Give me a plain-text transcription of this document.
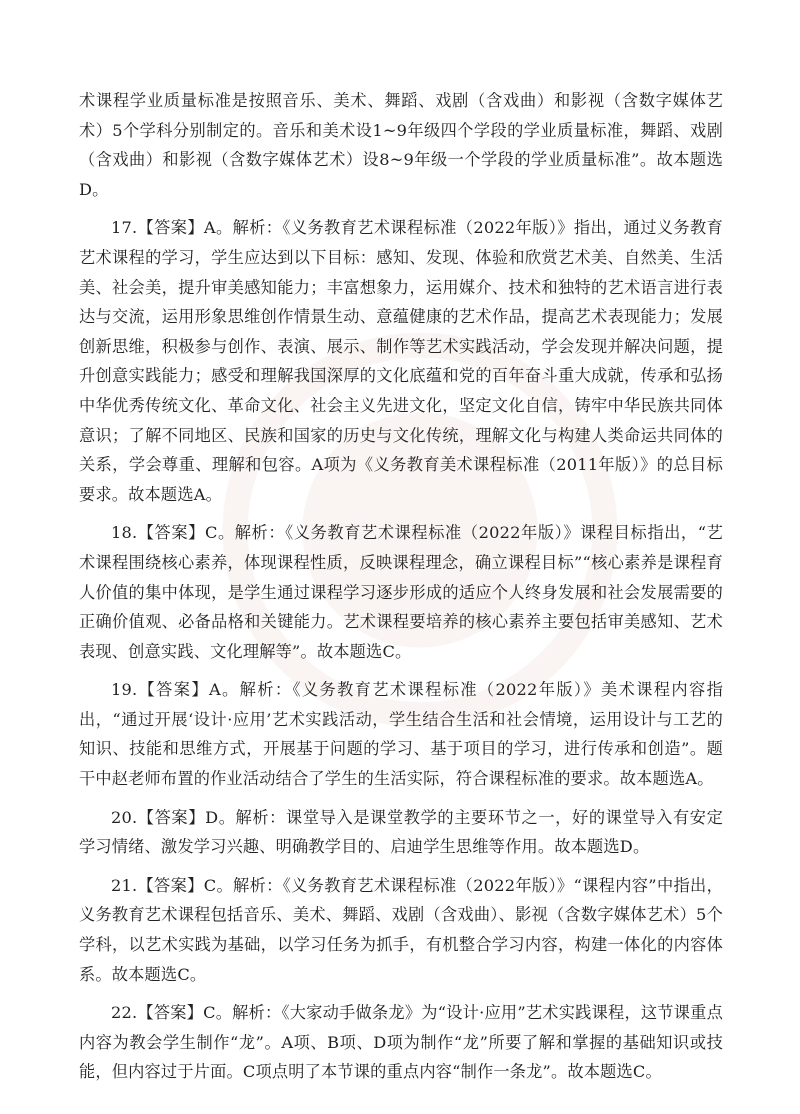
术课程学业质量标准是按照音乐、美术、舞蹈、戏剧（含戏曲）和影视（含数字媒体艺术）5个学科分别制定的。音乐和美术设1~9年级四个学段的学业质量标准，舞蹈、戏剧（含戏曲）和影视（含数字媒体艺术）设8~9年级一个学段的学业质量标准”。故本题选D。

17.【答案】A。解析：《义务教育艺术课程标准（2022年版）》指出，通过义务教育艺术课程的学习，学生应达到以下目标：感知、发现、体验和欣赏艺术美、自然美、生活美、社会美，提升审美感知能力；丰富想象力，运用媒介、技术和独特的艺术语言进行表达与交流，运用形象思维创作情景生动、意蕴健康的艺术作品，提高艺术表现能力；发展创新思维，积极参与创作、表演、展示、制作等艺术实践活动，学会发现并解决问题，提升创意实践能力；感受和理解我国深厚的文化底蕴和党的百年奋斗重大成就，传承和弘扬中华优秀传统文化、革命文化、社会主义先进文化，坚定文化自信，铸牢中华民族共同体意识；了解不同地区、民族和国家的历史与文化传统，理解文化与构建人类命运共同体的关系，学会尊重、理解和包容。A项为《义务教育美术课程标准（2011年版）》的总目标要求。故本题选A。

18.【答案】C。解析：《义务教育艺术课程标准（2022年版）》课程目标指出，“艺术课程围绕核心素养，体现课程性质，反映课程理念，确立课程目标”“核心素养是课程育人价值的集中体现，是学生通过课程学习逐步形成的适应个人终身发展和社会发展需要的正确价值观、必备品格和关键能力。艺术课程要培养的核心素养主要包括审美感知、艺术表现、创意实践、文化理解等”。故本题选C。

19.【答案】A。解析：《义务教育艺术课程标准（2022年版）》美术课程内容指出，“通过开展‘设计·应用’艺术实践活动，学生结合生活和社会情境，运用设计与工艺的知识、技能和思维方式，开展基于问题的学习、基于项目的学习，进行传承和创造”。题干中赵老师布置的作业活动结合了学生的生活实际，符合课程标准的要求。故本题选A。

20.【答案】D。解析：课堂导入是课堂教学的主要环节之一，好的课堂导入有安定学习情绪、激发学习兴趣、明确教学目的、启迪学生思维等作用。故本题选D。

21.【答案】C。解析：《义务教育艺术课程标准（2022年版）》“课程内容”中指出，义务教育艺术课程包括音乐、美术、舞蹈、戏剧（含戏曲）、影视（含数字媒体艺术）5个学科，以艺术实践为基础，以学习任务为抓手，有机整合学习内容，构建一体化的内容体系。故本题选C。

22.【答案】C。解析：《大家动手做条龙》为“设计·应用”艺术实践课程，这节课重点内容为教会学生制作“龙”。A项、B项、D项为制作“龙”所要了解和掌握的基础知识或技能，但内容过于片面。C项点明了本节课的重点内容“制作一条龙”。故本题选C。
